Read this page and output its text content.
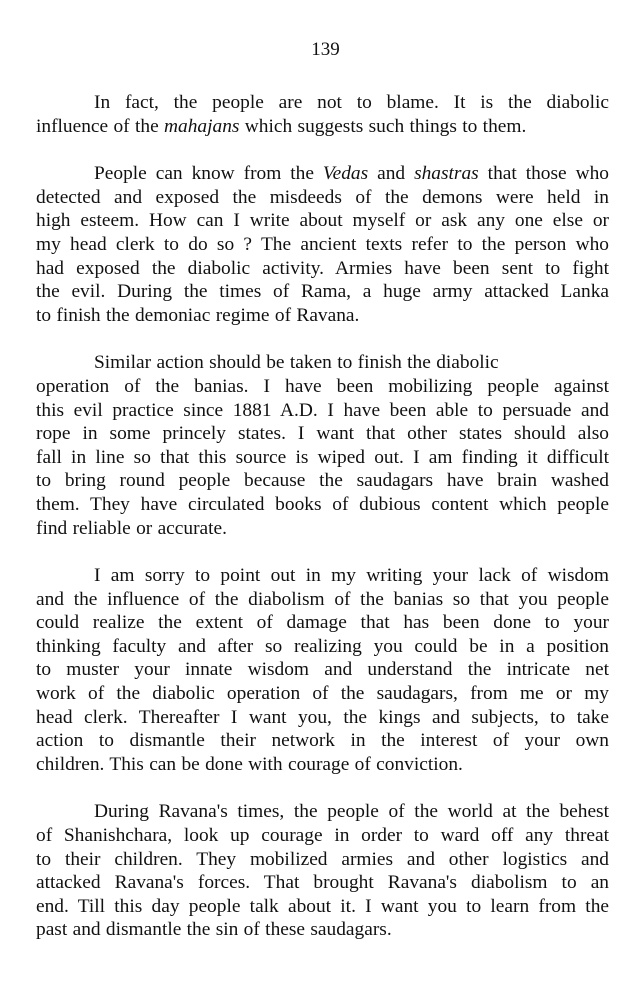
139

In fact, the people are not to blame. It is the diabolic
influence of the mahajans which suggests such things to them.

People can know from the Vedas and shastras that those who
detected and exposed the misdeeds of the demons were held in
high esteem. How can I write about myself or ask any one else or
my head clerk to do so ? The ancient texts refer to the person who
had exposed the diabolic activity. Armies have been sent to fight
the evil. During the times of Rama, a huge army attacked Lanka
to finish the demoniac regime of Ravana.

Similar action should be taken to finish the diabolic
operation of the banias. I have been mobilizing people against
this evil practice since 1881 A.D. I have been able to persuade and
rope in some princely states. I want that other states should also
fall in line so that this source is wiped out. I am finding it difficult
to bring round people because the saudagars have brain washed
them. They have circulated books of dubious content which people
find reliable or accurate.

I am sorry to point out in my writing your lack of wisdom
and the influence of the diabolism of the banias so that you people
could realize the extent of damage that has been done to your
thinking faculty and after so realizing you could be in a position
to muster your innate wisdom and understand the intricate net
work of the diabolic operation of the saudagars, from me or my
head clerk. Thereafter I want you, the kings and subjects, to take
action to dismantle their network in the interest of your own
children. This can be done with courage of conviction.

During Ravana's times, the people of the world at the behest
of Shanishchara, look up courage in order to ward off any threat
to their children. They mobilized armies and other logistics and
attacked Ravana's forces. That brought Ravana's diabolism to an
end. Till this day people talk about it. I want you to learn from the
past and dismantle the sin of these saudagars.
